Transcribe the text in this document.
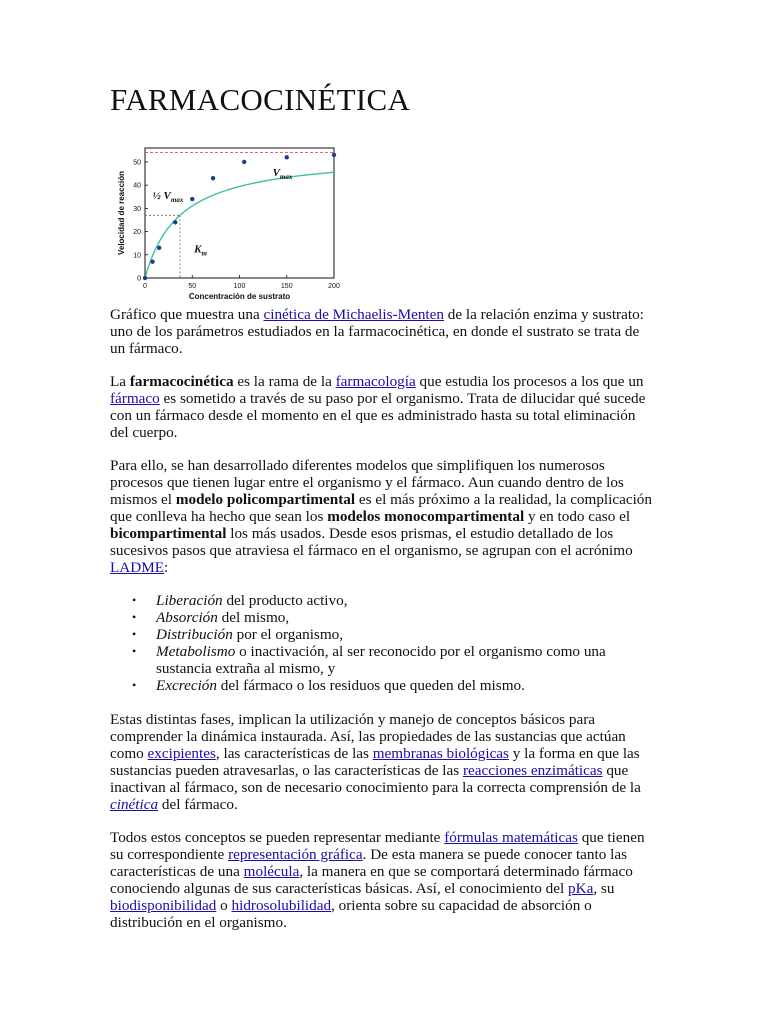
FARMACOCINÉTICA
0
10
20
30
40
50
0	50	100	150	200
Concentración de sustrato
Velocidad de reacción	$V_{max}$
½ $V_{max}$
$K_m$

Gráfico que muestra una cinética de Michaelis-Menten de la relación enzima y sustrato: uno de los parámetros estudiados en la farmacocinética, en donde el sustrato se trata de un fármaco.

La farmacocinética es la rama de la farmacología que estudia los procesos a los que un fármaco es sometido a través de su paso por el organismo. Trata de dilucidar qué sucede con un fármaco desde el momento en el que es administrado hasta su total eliminación del cuerpo.

Para ello, se han desarrollado diferentes modelos que simplifiquen los numerosos procesos que tienen lugar entre el organismo y el fármaco. Aun cuando dentro de los mismos el modelo policompartimental es el más próximo a la realidad, la complicación que conlleva ha hecho que sean los modelos monocompartimental y en todo caso el bicompartimental los más usados. Desde esos prismas, el estudio detallado de los sucesivos pasos que atraviesa el fármaco en el organismo, se agrupan con el acrónimo LADME:

• Liberación del producto activo,
• Absorción del mismo,
• Distribución por el organismo,
• Metabolismo o inactivación, al ser reconocido por el organismo como una sustancia extraña al mismo, y
• Excreción del fármaco o los residuos que queden del mismo.

Estas distintas fases, implican la utilización y manejo de conceptos básicos para comprender la dinámica instaurada. Así, las propiedades de las sustancias que actúan como excipientes, las características de las membranas biológicas y la forma en que las sustancias pueden atravesarlas, o las características de las reacciones enzimáticas que inactivan al fármaco, son de necesario conocimiento para la correcta comprensión de la cinética del fármaco.

Todos estos conceptos se pueden representar mediante fórmulas matemáticas que tienen su correspondiente representación gráfica. De esta manera se puede conocer tanto las características de una molécula, la manera en que se comportará determinado fármaco conociendo algunas de sus características básicas. Así, el conocimiento del pKa, su biodisponibilidad o hidrosolubilidad, orienta sobre su capacidad de absorción o distribución en el organismo.
